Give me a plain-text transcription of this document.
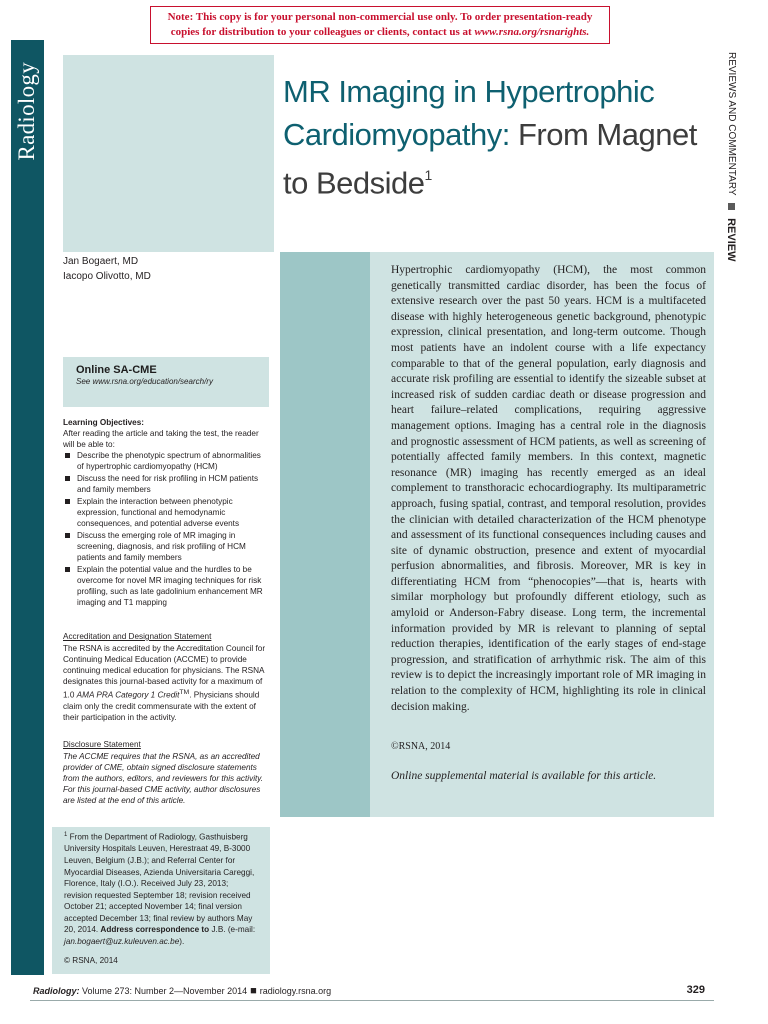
Note: This copy is for your personal non-commercial use only. To order presentation-ready
copies for distribution to your colleagues or clients, contact us at www.rsna.org/rsnarights.
Radiology	REVIEWS AND COMMENTARY  REVIEW
MR Imaging in Hypertrophic Cardiomyopathy: From Magnet to Bedside$^1$
Jan Bogaert, MD
Iacopo Olivotto, MD
Hypertrophic cardiomyopathy (HCM), the most common genetically transmitted cardiac disorder, has been the focus of extensive research over the past 50 years. HCM is a multifaceted disease with highly heterogeneous genetic background, phenotypic expression, clinical presentation, and long-term outcome. Though most patients have an indolent course with a life expectancy comparable to that of the general population, early diagnosis and accurate risk profiling are essential to identify the sizeable subset at increased risk of sudden cardiac death or disease progression and heart failure–related complications, requiring aggressive management options. Imaging has a central role in the diagnosis and prognostic assessment of HCM patients, as well as screening of potentially affected family members. In this context, magnetic resonance (MR) imaging has recently emerged as an ideal complement to transthoracic echocardiography. Its multiparametric approach, fusing spatial, contrast, and temporal resolution, provides the clinician with detailed characterization of the HCM phenotype and assessment of its functional consequences including causes and site of dynamic obstruction, presence and extent of myocardial perfusion abnormalities, and fibrosis. Moreover, MR is key in differentiating HCM from “phenocopies”—that is, hearts with similar morphology but profoundly different etiology, such as amyloid or Anderson-Fabry disease. Long term, the incremental information provided by MR is relevant to planning of septal reduction therapies, identification of the early stages of end-stage progression, and stratification of arrhythmic risk. The aim of this review is to depict the increasingly important role of MR imaging in relation to the complexity of HCM, highlighting its role in clinical decision making.
©RSNA, 2014
Online supplemental material is available for this article.
Online SA-CME
See www.rsna.org/education/search/ry
Learning Objectives:
After reading the article and taking the test, the reader will be able to:
Describe the phenotypic spectrum of abnormalities of hypertrophic cardiomyopathy (HCM)
Discuss the need for risk profiling in HCM patients and family members
Explain the interaction between phenotypic expression, functional and hemodynamic consequences, and potential adverse events
Discuss the emerging role of MR imaging in screening, diagnosis, and risk profiling of HCM patients and family members
Explain the potential value and the hurdles to be overcome for novel MR imaging techniques for risk profiling, such as late gadolinium enhancement MR imaging and T1 mapping
Accreditation and Designation Statement
The RSNA is accredited by the Accreditation Council for Continuing Medical Education (ACCME) to provide continuing medical education for physicians. The RSNA designates this journal-based activity for a maximum of 1.0 AMA PRA Category 1 Credit™. Physicians should claim only the credit commensurate with the extent of their participation in the activity.
Disclosure Statement
The ACCME requires that the RSNA, as an accredited provider of CME, obtain signed disclosure statements from the authors, editors, and reviewers for this activity. For this journal-based CME activity, author disclosures are listed at the end of this article.
$^1$ From the Department of Radiology, Gasthuisberg University Hospitals Leuven, Herestraat 49, B-3000 Leuven, Belgium (J.B.); and Referral Center for Myocardial Diseases, Azienda Universitaria Careggi, Florence, Italy (I.O.). Received July 23, 2013; revision requested September 18; revision received October 21; accepted November 14; final version accepted December 13; final review by authors May 20, 2014. Address correspondence to J.B. (e-mail: jan.bogaert@uz.kuleuven.ac.be).
© RSNA, 2014
Radiology: Volume 273: Number 2—November 2014 ■ radiology.rsna.org	329
